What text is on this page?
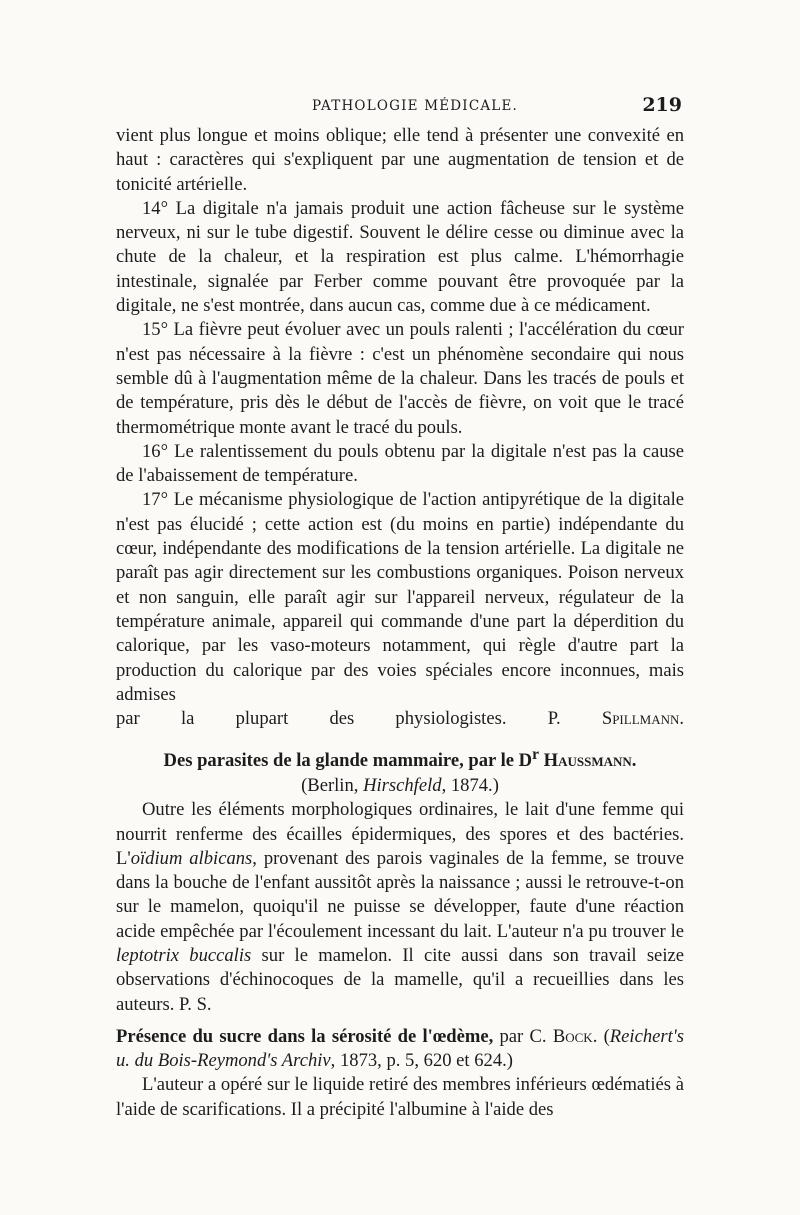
PATHOLOGIE MÉDICALE.	219

vient plus longue et moins oblique; elle tend à présenter une convexité en haut : caractères qui s'expliquent par une augmentation de tension et de tonicité artérielle.

14° La digitale n'a jamais produit une action fâcheuse sur le système nerveux, ni sur le tube digestif. Souvent le délire cesse ou diminue avec la chute de la chaleur, et la respiration est plus calme. L'hémorrhagie intestinale, signalée par Ferber comme pouvant être provoquée par la digitale, ne s'est montrée, dans aucun cas, comme due à ce médicament.

15° La fièvre peut évoluer avec un pouls ralenti ; l'accélération du cœur n'est pas nécessaire à la fièvre : c'est un phénomène secondaire qui nous semble dû à l'augmentation même de la chaleur. Dans les tracés de pouls et de température, pris dès le début de l'accès de fièvre, on voit que le tracé thermométrique monte avant le tracé du pouls.

16° Le ralentissement du pouls obtenu par la digitale n'est pas la cause de l'abaissement de température.

17° Le mécanisme physiologique de l'action antipyrétique de la digitale n'est pas élucidé ; cette action est (du moins en partie) indépendante du cœur, indépendante des modifications de la tension artérielle. La digitale ne paraît pas agir directement sur les combustions organiques. Poison nerveux et non sanguin, elle paraît agir sur l'appareil nerveux, régulateur de la température animale, appareil qui commande d'une part la déperdition du calorique, par les vaso-moteurs notamment, qui règle d'autre part la production du calorique par des voies spéciales encore inconnues, mais admises

par la plupart des physiologistes. P. Spillmann.

Des parasites de la glande mammaire, par le $D^r$ Haussmann.

(Berlin, Hirschfeld, 1874.)

Outre les éléments morphologiques ordinaires, le lait d'une femme qui nourrit renferme des écailles épidermiques, des spores et des bactéries. L'oïdium albicans, provenant des parois vaginales de la femme, se trouve dans la bouche de l'enfant aussitôt après la naissance ; aussi le retrouve-t-on sur le mamelon, quoiqu'il ne puisse se développer, faute d'une réaction acide empêchée par l'écoulement incessant du lait. L'auteur n'a pu trouver le leptotrix buccalis sur le mamelon. Il cite aussi dans son travail seize observations d'échinocoques de la mamelle, qu'il a recueillies dans les auteurs. P. S.

Présence du sucre dans la sérosité de l'œdème, par C. Bock. (Reichert's u. du Bois-Reymond's Archiv, 1873, p. 5, 620 et 624.)

L'auteur a opéré sur le liquide retiré des membres inférieurs œdématiés à l'aide de scarifications. Il a précipité l'albumine à l'aide des
